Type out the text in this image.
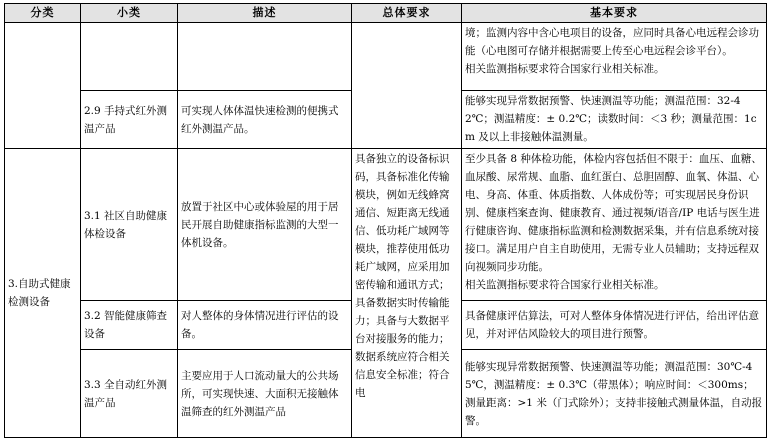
分类	小类	描述	总体要求	基本要求

				境；监测内容中含心电项目的设备，应同时具备心电远程会诊功能（心电图可存储并根据需要上传至心电远程会诊平台）。
相关监测指标要求符合国家行业相关标准。

	2.9 手持式红外测温产品	可实现人体体温快速检测的便携式红外测温产品。		能够实现异常数据预警、快速测温等功能；测温范围：32-42℃；测温精度：± 0.2℃；读数时间：＜3 秒；测量范围：1cm 及以上非接触体温测量。

3.自助式健康检测设备	3.1 社区自助健康体检设备	放置于社区中心或体验屋的用于居民开展自助健康指标监测的大型一体机设备。	具备独立的设备标识码，具备标准化传输模块，例如无线蜂窝通信、短距离无线通信、低功耗广域网等模块，推荐使用低功耗广域网，应采用加密传输和通讯方式；具备数据实时传输能力；具备与大数据平台对接服务的能力；数据系统应符合相关信息安全标准；符合电	至少具备 8 种体检功能，体检内容包括但不限于：血压、血糖、血尿酸、尿常规、血脂、血红蛋白、总胆固醇、血氧、体温、心电、身高、体重、体质指数、人体成份等；可实现居民身份识别、健康档案查询、健康教育、通过视频/语音/IP 电话与医生进行健康咨询、健康指标监测和检测数据采集，并有信息系统对接接口。满足用户自主自助使用，无需专业人员辅助；支持远程双向视频同步功能。
相关监测指标要求符合国家行业相关标准。

	3.2 智能健康筛查设备	对人整体的身体情况进行评估的设备。		具备健康评估算法，可对人整体身体情况进行评估，给出评估意见，并对评估风险较大的项目进行预警。

	3.3 全自动红外测温产品	主要应用于人口流动量大的公共场所，可实现快速、大面积无接触体温筛查的红外测温产品		能够实现异常数据预警、快速测温等功能；测温范围：30℃-45℃，测温精度：± 0.3℃（带黑体）；响应时间：＜300ms；测量距离：>1 米（门式除外）；支持非接触式测量体温，自动报警。
